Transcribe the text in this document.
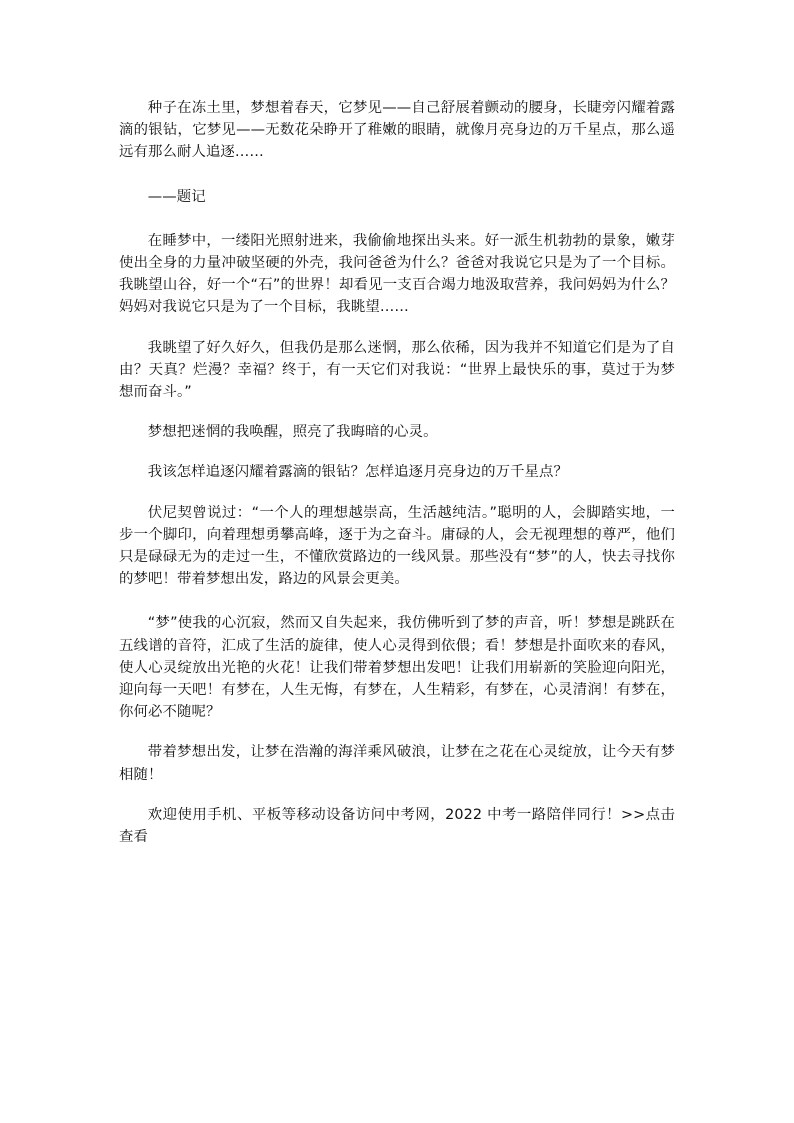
种子在冻土里，梦想着春天，它梦见——自己舒展着颤动的腰身，长睫旁闪耀着露滴的银钻，它梦见——无数花朵睁开了稚嫩的眼睛，就像月亮身边的万千星点，那么遥远有那么耐人追逐……

——题记

在睡梦中，一缕阳光照射进来，我偷偷地探出头来。好一派生机勃勃的景象，嫩芽使出全身的力量冲破坚硬的外壳，我问爸爸为什么？爸爸对我说它只是为了一个目标。我眺望山谷，好一个“石”的世界！却看见一支百合竭力地汲取营养，我问妈妈为什么？妈妈对我说它只是为了一个目标，我眺望……

我眺望了好久好久，但我仍是那么迷惘，那么依稀，因为我并不知道它们是为了自由？天真？烂漫？幸福？终于，有一天它们对我说：“世界上最快乐的事，莫过于为梦想而奋斗。”

梦想把迷惘的我唤醒，照亮了我晦暗的心灵。

我该怎样追逐闪耀着露滴的银钻？怎样追逐月亮身边的万千星点？

伏尼契曾说过：“一个人的理想越崇高，生活越纯洁。”聪明的人，会脚踏实地，一步一个脚印，向着理想勇攀高峰，逐于为之奋斗。庸碌的人，会无视理想的尊严，他们只是碌碌无为的走过一生，不懂欣赏路边的一线风景。那些没有“梦”的人，快去寻找你的梦吧！带着梦想出发，路边的风景会更美。

“梦”使我的心沉寂，然而又自失起来，我仿佛听到了梦的声音，听！梦想是跳跃在五线谱的音符，汇成了生活的旋律，使人心灵得到依偎；看！梦想是扑面吹来的春风，使人心灵绽放出光艳的火花！让我们带着梦想出发吧！让我们用崭新的笑脸迎向阳光，迎向每一天吧！有梦在，人生无悔，有梦在，人生精彩，有梦在，心灵清润！有梦在，你何必不随呢？

带着梦想出发，让梦在浩瀚的海洋乘风破浪，让梦在之花在心灵绽放，让今天有梦相随！

欢迎使用手机、平板等移动设备访问中考网，2022 中考一路陪伴同行！>>点击查看
